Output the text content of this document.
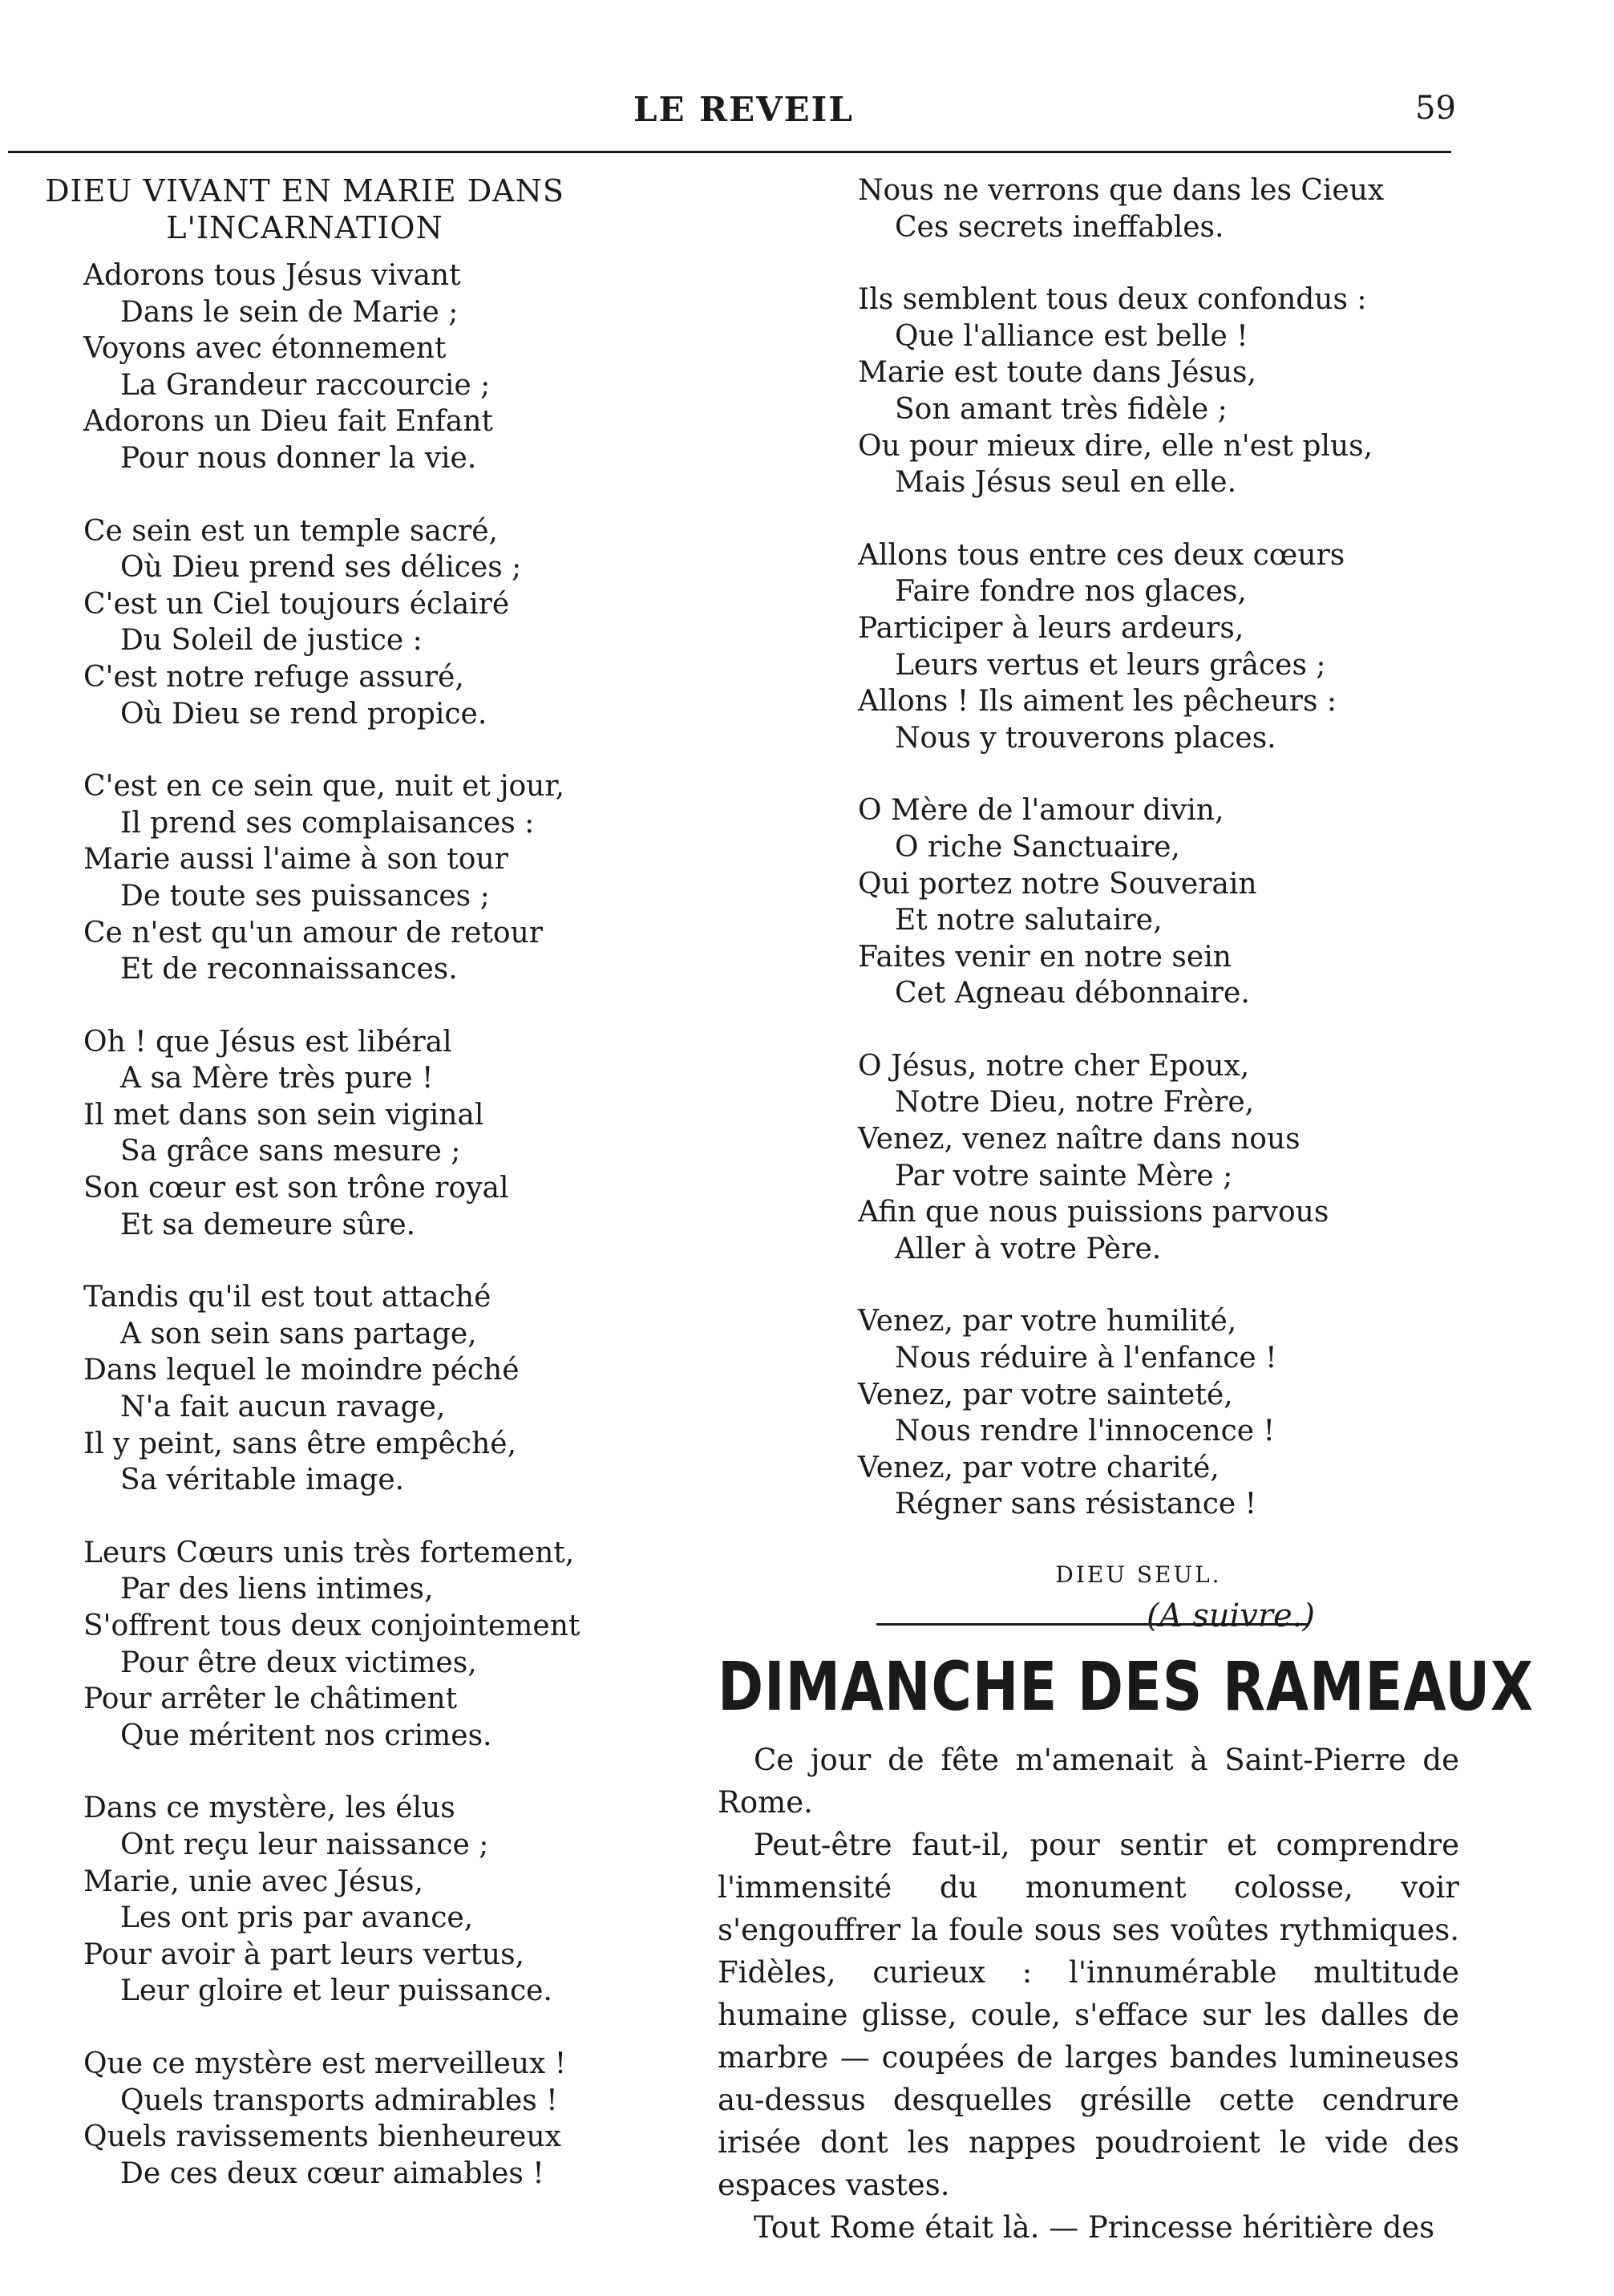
LE REVEIL	59
DIEU VIVANT EN MARIE DANS
L'INCARNATION
Adorons tous Jésus vivant
Dans le sein de Marie ;
Voyons avec étonnement
La Grandeur raccourcie ;
Adorons un Dieu fait Enfant
Pour nous donner la vie.
Ce sein est un temple sacré,
Où Dieu prend ses délices ;
C'est un Ciel toujours éclairé
Du Soleil de justice :
C'est notre refuge assuré,
Où Dieu se rend propice.
C'est en ce sein que, nuit et jour,
Il prend ses complaisances :
Marie aussi l'aime à son tour
De toute ses puissances ;
Ce n'est qu'un amour de retour
Et de reconnaissances.
Oh ! que Jésus est libéral
A sa Mère très pure !
Il met dans son sein viginal
Sa grâce sans mesure ;
Son cœur est son trône royal
Et sa demeure sûre.
Tandis qu'il est tout attaché
A son sein sans partage,
Dans lequel le moindre péché
N'a fait aucun ravage,
Il y peint, sans être empêché,
Sa véritable image.
Leurs Cœurs unis très fortement,
Par des liens intimes,
S'offrent tous deux conjointement
Pour être deux victimes,
Pour arrêter le châtiment
Que méritent nos crimes.
Dans ce mystère, les élus
Ont reçu leur naissance ;
Marie, unie avec Jésus,
Les ont pris par avance,
Pour avoir à part leurs vertus,
Leur gloire et leur puissance.
Que ce mystère est merveilleux !
Quels transports admirables !
Quels ravissements bienheureux
De ces deux cœur aimables !
Nous ne verrons que dans les Cieux
Ces secrets ineffables.
Ils semblent tous deux confondus :
Que l'alliance est belle !
Marie est toute dans Jésus,
Son amant très fidèle ;
Ou pour mieux dire, elle n'est plus,
Mais Jésus seul en elle.
Allons tous entre ces deux cœurs
Faire fondre nos glaces,
Participer à leurs ardeurs,
Leurs vertus et leurs grâces ;
Allons ! Ils aiment les pêcheurs :
Nous y trouverons places.
O Mère de l'amour divin,
O riche Sanctuaire,
Qui portez notre Souverain
Et notre salutaire,
Faites venir en notre sein
Cet Agneau débonnaire.
O Jésus, notre cher Epoux,
Notre Dieu, notre Frère,
Venez, venez naître dans nous
Par votre sainte Mère ;
Afin que nous puissions parvous
Aller à votre Père.
Venez, par votre humilité,
Nous réduire à l'enfance !
Venez, par votre sainteté,
Nous rendre l'innocence !
Venez, par votre charité,
Régner sans résistance !
DIEU SEUL.
(A suivre.)
DIMANCHE DES RAMEAUX

Ce jour de fête m'amenait à Saint-Pierre de Rome.

Peut-être faut-il, pour sentir et comprendre l'immensité du monument colosse, voir s'engouffrer la foule sous ses voûtes rythmiques. Fidèles, curieux : l'innumérable multitude humaine glisse, coule, s'efface sur les dalles de marbre — coupées de larges bandes lumineuses au-dessus desquelles grésille cette cendrure irisée dont les nappes poudroient le vide des espaces vastes.

Tout Rome était là. — Princesse héritière des
